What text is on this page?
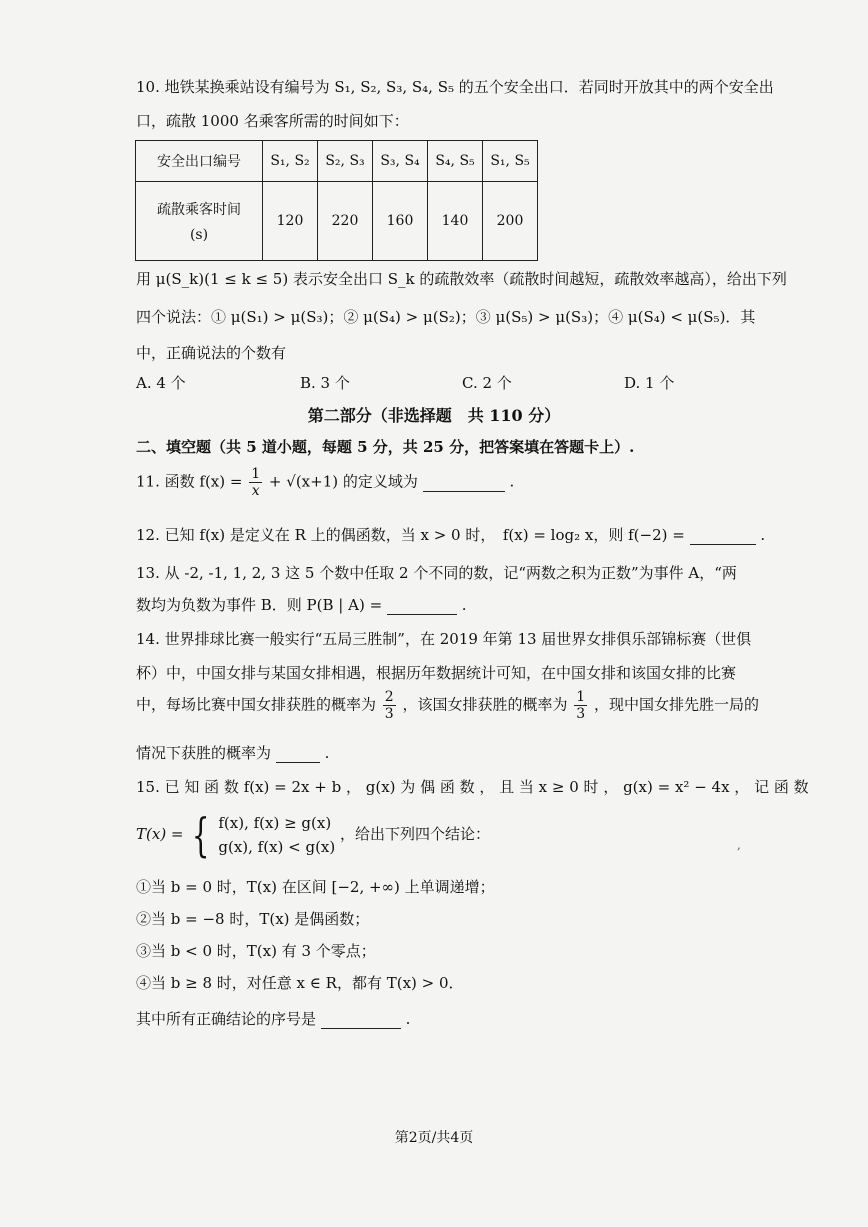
10. 地铁某换乘站设有编号为 S₁, S₂, S₃, S₄, S₅ 的五个安全出口．若同时开放其中的两个安全出
口，疏散 1000 名乘客所需的时间如下：
安全出口编号	S₁, S₂	S₂, S₃	S₃, S₄	S₄, S₅	S₁, S₅

疏散乘客时间
(s)	120	220	160	140	200
用 μ(S_k)(1 ≤ k ≤ 5) 表示安全出口 S_k 的疏散效率（疏散时间越短，疏散效率越高），给出下列
四个说法：① μ(S₁) > μ(S₃)；② μ(S₄) > μ(S₂)；③ μ(S₅) > μ(S₃)；④ μ(S₄) < μ(S₅)．其
中，正确说法的个数有
A. 4 个	B. 3 个	C. 2 个	D. 1 个
第二部分（非选择题　共 110 分）
二、填空题（共 5 道小题，每题 5 分，共 25 分，把答案填在答题卡上）.
11. 函数 $f(x) = \frac{1}{x} + √(x+1)$ 的定义域为	.
12. 已知 f(x) 是定义在 R 上的偶函数，当 x > 0 时，　f(x) = log₂ x，则 f(−2) =	.
13. 从 -2, -1, 1, 2, 3 这 5 个数中任取 2 个不同的数，记“两数之积为正数”为事件 A，“两
数均为负数为事件 B．则 P(B | A) =	.
14. 世界排球比赛一般实行“五局三胜制”，在 2019 年第 13 届世界女排俱乐部锦标赛（世俱
杯）中，中国女排与某国女排相遇，根据历年数据统计可知，在中国女排和该国女排的比赛
中，每场比赛中国女排获胜的概率为 $\frac{2}{3}$ ，该国女排获胜的概率为 $\frac{1}{3}$ ，现中国女排先胜一局的
情况下获胜的概率为	.
15. 已 知 函 数 f(x) = 2x + b ， g(x) 为 偶 函 数 ， 且 当 x ≥ 0 时 ， g(x) = x² − 4x ， 记 函 数
T(x) = { f(x), f(x) ≥ g(x)
g(x), f(x) < g(x)
，给出下列四个结论：
①当 b = 0 时，T(x) 在区间 [−2, +∞) 上单调递增；
②当 b = −8 时，T(x) 是偶函数；
③当 b < 0 时，T(x) 有 3 个零点；
④当 b ≥ 8 时，对任意 x ∈ R，都有 T(x) > 0．
其中所有正确结论的序号是	.
,
第2页/共4页
